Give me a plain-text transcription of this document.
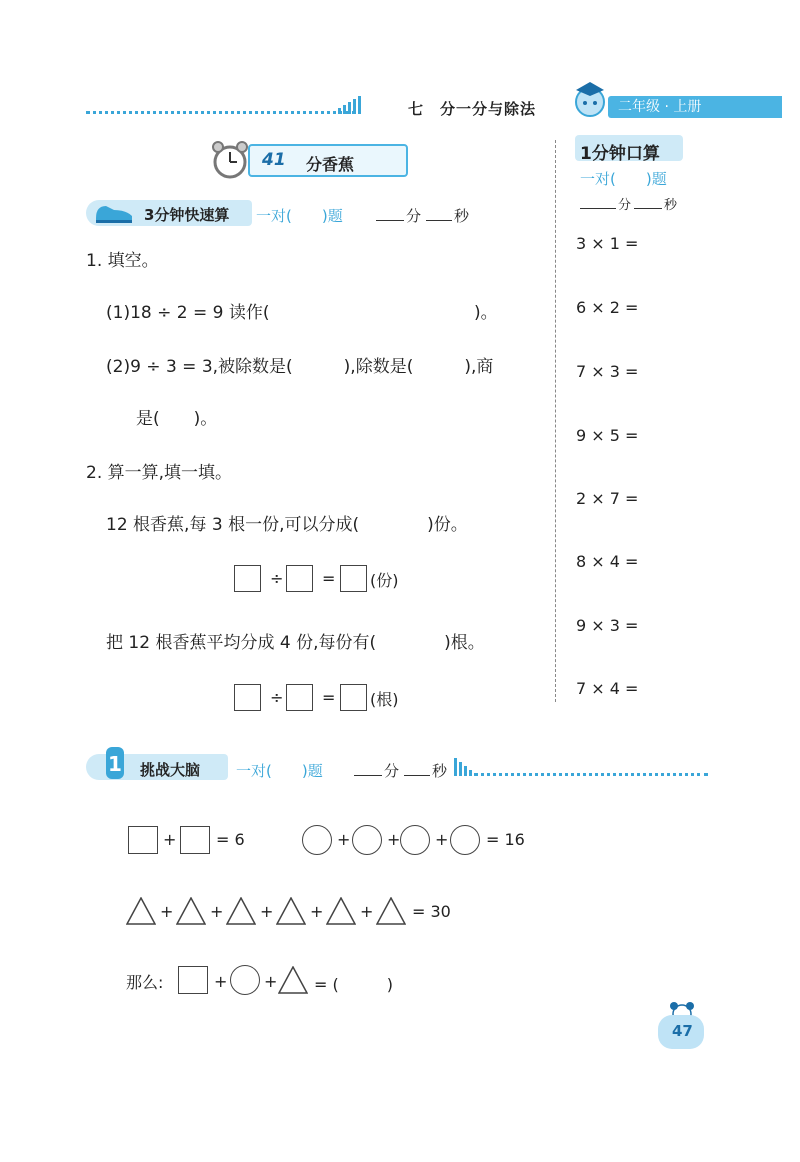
七　分一分与除法	二年级 · 上册
41 分香蕉
3分钟快速算 一对(　　)题	分 秒
1. 填空。
(1)18 ÷ 2 = 9 读作(	)。
(2)9 ÷ 3 = 3,被除数是(　　　),除数是(　　　),商
是(　　)。
2. 算一算,填一填。
12 根香蕉,每 3 根一份,可以分成(　　　　)份。
÷ = (份)
把 12 根香蕉平均分成 4 份,每份有(　　　　)根。
÷ = (根)
1分钟口算
一对(　　)题
分	秒
3 × 1 =
6 × 2 =
7 × 3 =
9 × 5 =
2 × 7 =
8 × 4 =
9 × 3 =
7 × 4 =
1 挑战大脑 一对(　　)题	分 秒
+ = 6	+ + + = 16
+ + + + + = 30
那么:	+ + = (　　　)
47
